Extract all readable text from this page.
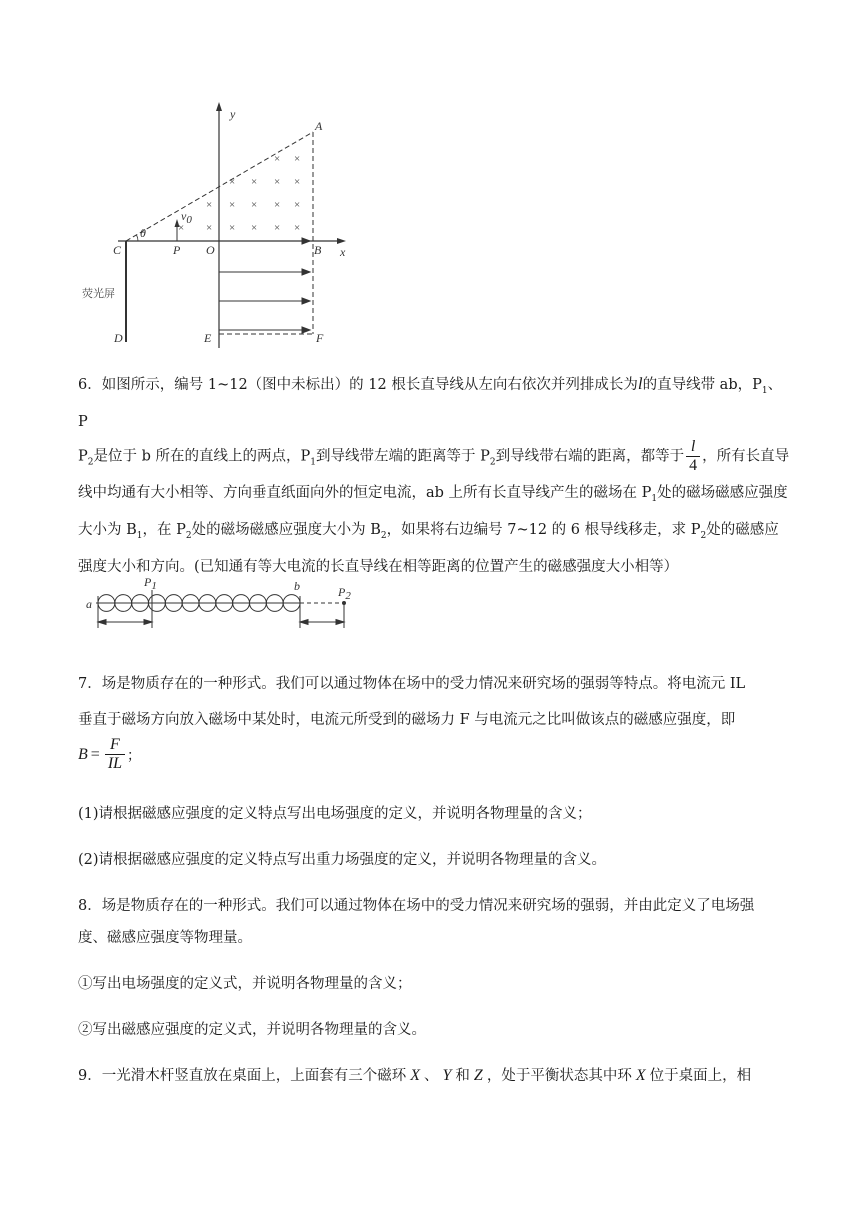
y
x
v0
θ
A
B
C
D	E	F
O
P
荧光屏
× ×
× × × ×
× × × × ×
× × × × × ×
6．如图所示，编号 1~12（图中未标出）的 12 根长直导线从左向右依次并列排成长为l的直导线带 ab，$P_1$、P
$P_2$是位于 b 所在的直线上的两点，$P_1$到导线带左端的距离等于 $P_2$到导线带右端的距离，都等于 $\frac{l}{4}$ ，所有长直导线中均通有大小相等、方向垂直纸面向外的恒定电流，ab 上所有长直导线产生的磁场在 $P_1$处的磁场磁感应强度大小为 $B_1$，在 $P_2$处的磁场磁感应强度大小为 $B_2$，如果将右边编号 7~12 的 6 根导线移走，求 $P_2$处的磁感应强度大小和方向。(已知通有等大电流的长直导线在相等距离的位置产生的磁感强度大小相等）
a
b
P1	P2

7．场是物质存在的一种形式。我们可以通过物体在场中的受力情况来研究场的强弱等特点。将电流元 IL

垂直于磁场方向放入磁场中某处时，电流元所受到的磁场力 F 与电流元之比叫做该点的磁感应强度，即

$B = \frac{F}{IL}$ ；

(1)请根据磁感应强度的定义特点写出电场强度的定义，并说明各物理量的含义；

(2)请根据磁感应强度的定义特点写出重力场强度的定义，并说明各物理量的含义。

8．场是物质存在的一种形式。我们可以通过物体在场中的受力情况来研究场的强弱，并由此定义了电场强

度、磁感应强度等物理量。

①写出电场强度的定义式，并说明各物理量的含义；

②写出磁感应强度的定义式，并说明各物理量的含义。

9．一光滑木杆竖直放在桌面上，上面套有三个磁环 X 、 Y 和 Z ，处于平衡状态其中环 X 位于桌面上，相
